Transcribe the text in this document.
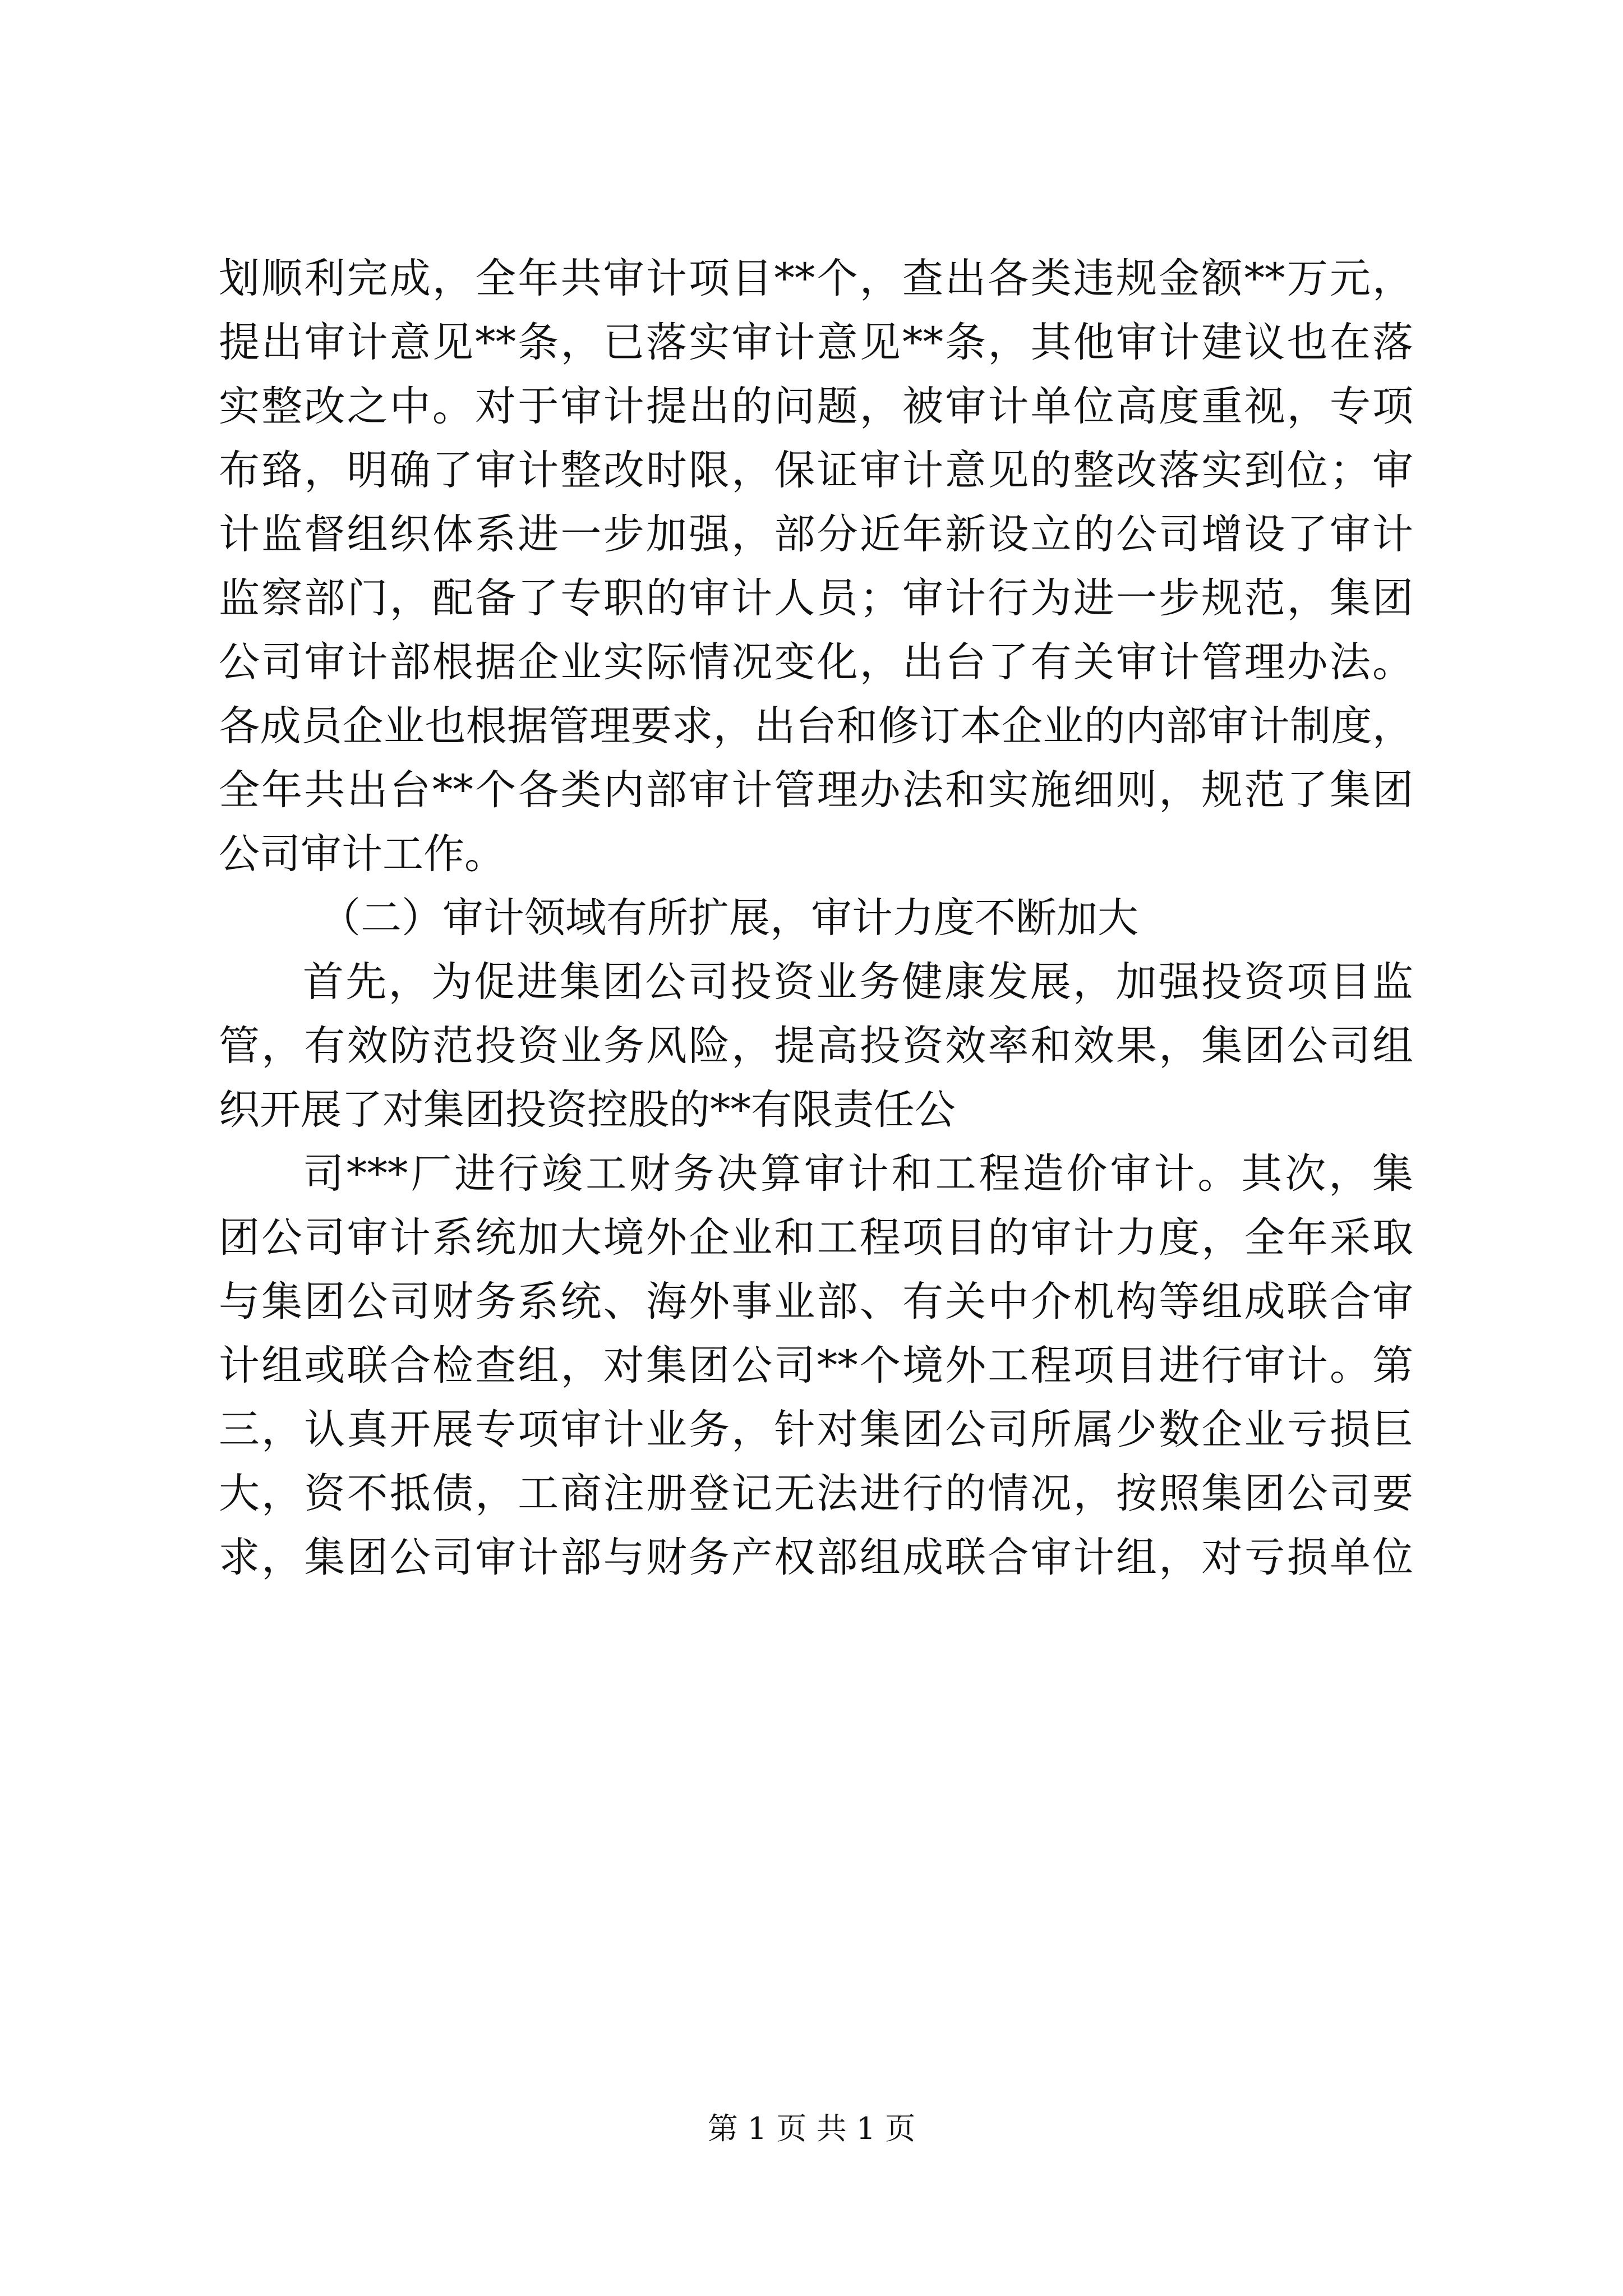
划顺利完成，全年共审计项目**个，查出各类违规金额**万元，
提出审计意见**条，已落实审计意见**条，其他审计建议也在落
实整改之中。对于审计提出的问题，被审计单位高度重视，专项
布臵，明确了审计整改时限，保证审计意见的整改落实到位；审
计监督组织体系进一步加强，部分近年新设立的公司增设了审计
监察部门，配备了专职的审计人员；审计行为进一步规范，集团
公司审计部根据企业实际情况变化，出台了有关审计管理办法。
各成员企业也根据管理要求，出台和修订本企业的内部审计制度，
全年共出台**个各类内部审计管理办法和实施细则，规范了集团
公司审计工作。
（二）审计领域有所扩展，审计力度不断加大
首先，为促进集团公司投资业务健康发展，加强投资项目监
管，有效防范投资业务风险，提高投资效率和效果，集团公司组
织开展了对集团投资控股的**有限责任公
司***厂进行竣工财务决算审计和工程造价审计。其次，集
团公司审计系统加大境外企业和工程项目的审计力度，全年采取
与集团公司财务系统、海外事业部、有关中介机构等组成联合审
计组或联合检查组，对集团公司**个境外工程项目进行审计。第
三，认真开展专项审计业务，针对集团公司所属少数企业亏损巨
大，资不抵债，工商注册登记无法进行的情况，按照集团公司要
求，集团公司审计部与财务产权部组成联合审计组，对亏损单位
第 1 页 共 1 页
